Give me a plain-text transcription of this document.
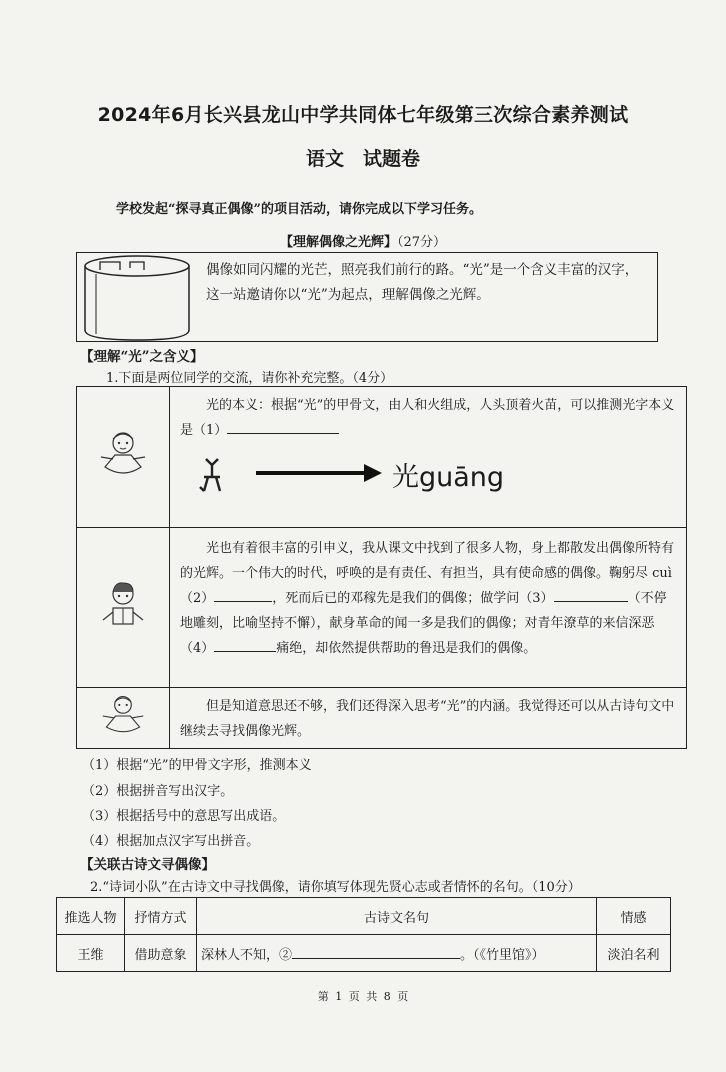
2024年6月长兴县龙山中学共同体七年级第三次综合素养测试
语文　试题卷
学校发起“探寻真正偶像”的项目活动，请你完成以下学习任务。
【理解偶像之光辉】（27分）
偶像如同闪耀的光芒，照亮我们前行的路。“光”是一个含义丰富的汉字，这一站邀请你以“光”为起点，理解偶像之光辉。
【理解“光”之含义】
1.下面是两位同学的交流，请你补充完整。（4分）

光的本义：根据“光”的甲骨文，由人和火组成，人头顶着火苗，可以推测光字本义是（1）
光guāng

光也有着很丰富的引申义，我从课文中找到了很多人物，身上都散发出偶像所特有的光辉。一个伟大的时代，呼唤的是有责任、有担当，具有使命感的偶像。鞠躬尽 cuì（2） ，死而后已的邓稼先是我们的偶像；做学问（3） （不停地雕刻，比喻坚持不懈），献身革命的闻一多是我们的偶像；对青年潦草的来信深恶（4） 痛绝，却依然提供帮助的鲁迅是我们的偶像。

但是知道意思还不够，我们还得深入思考“光”的内涵。我觉得还可以从古诗句文中继续去寻找偶像光辉。
（1）根据“光”的甲骨文字形，推测本义
（2）根据拼音写出汉字。
（3）根据括号中的意思写出成语。
（4）根据加点汉字写出拼音。
【关联古诗文寻偶像】
2.“诗词小队”在古诗文中寻找偶像，请你填写体现先贤心志或者情怀的名句。（10分）
推选人物	抒情方式	古诗文名句	情感
王维	借助意象	深林人不知，② 。（《竹里馆》）	淡泊名利
第 1 页 共 8 页
